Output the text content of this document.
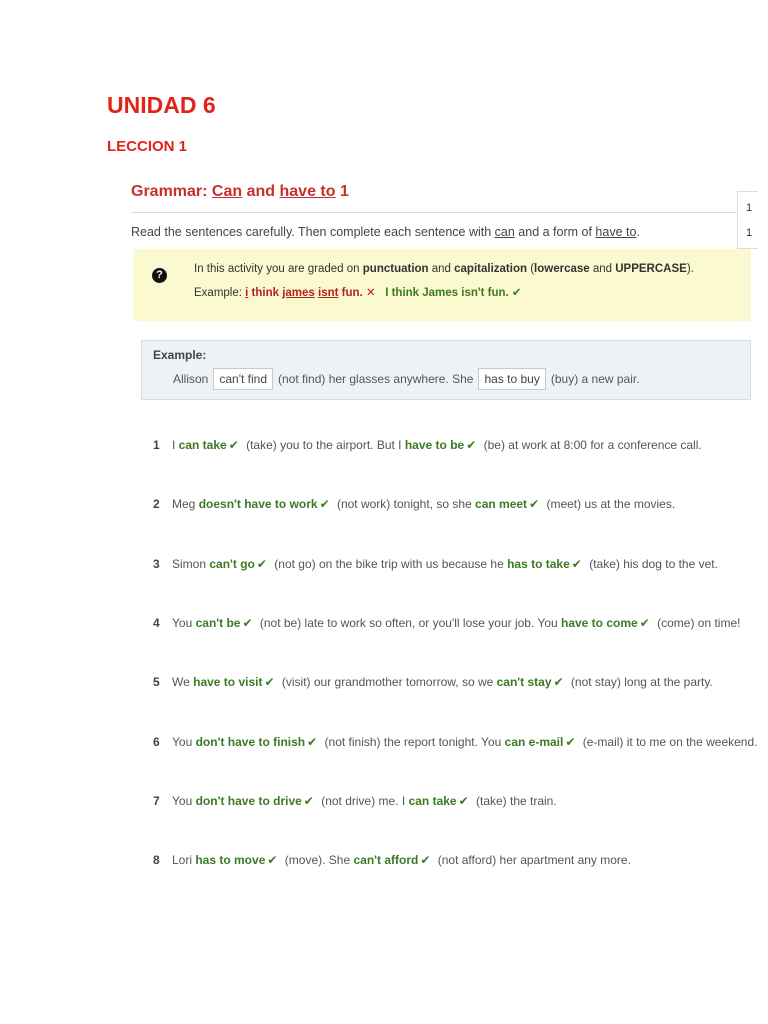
UNIDAD 6
LECCION 1
Grammar: Can and have to 1
1
1

Read the sentences carefully. Then complete each sentence with can and a form of have to.

?	In this activity you are graded on punctuation and capitalization (lowercase and UPPERCASE).
Example: i think james isnt fun. ✕ I think James isn't fun. ✔
Example:
Allison can't find (not find) her glasses anywhere. She has to buy (buy) a new pair.
1 I can take ✔ (take) you to the airport. But I have to be ✔ (be) at work at 8:00 for a conference call.
2 Meg doesn't have to work ✔ (not work) tonight, so she can meet ✔ (meet) us at the movies.
3 Simon can't go ✔ (not go) on the bike trip with us because he has to take ✔ (take) his dog to the vet.
4 You can't be ✔ (not be) late to work so often, or you'll lose your job. You have to come ✔ (come) on time!
5 We have to visit ✔ (visit) our grandmother tomorrow, so we can't stay ✔ (not stay) long at the party.
6 You don't have to finish ✔ (not finish) the report tonight. You can e-mail ✔ (e-mail) it to me on the weekend.
7 You don't have to drive ✔ (not drive) me. I can take ✔ (take) the train.
8 Lori has to move ✔ (move). She can't afford ✔ (not afford) her apartment any more.
